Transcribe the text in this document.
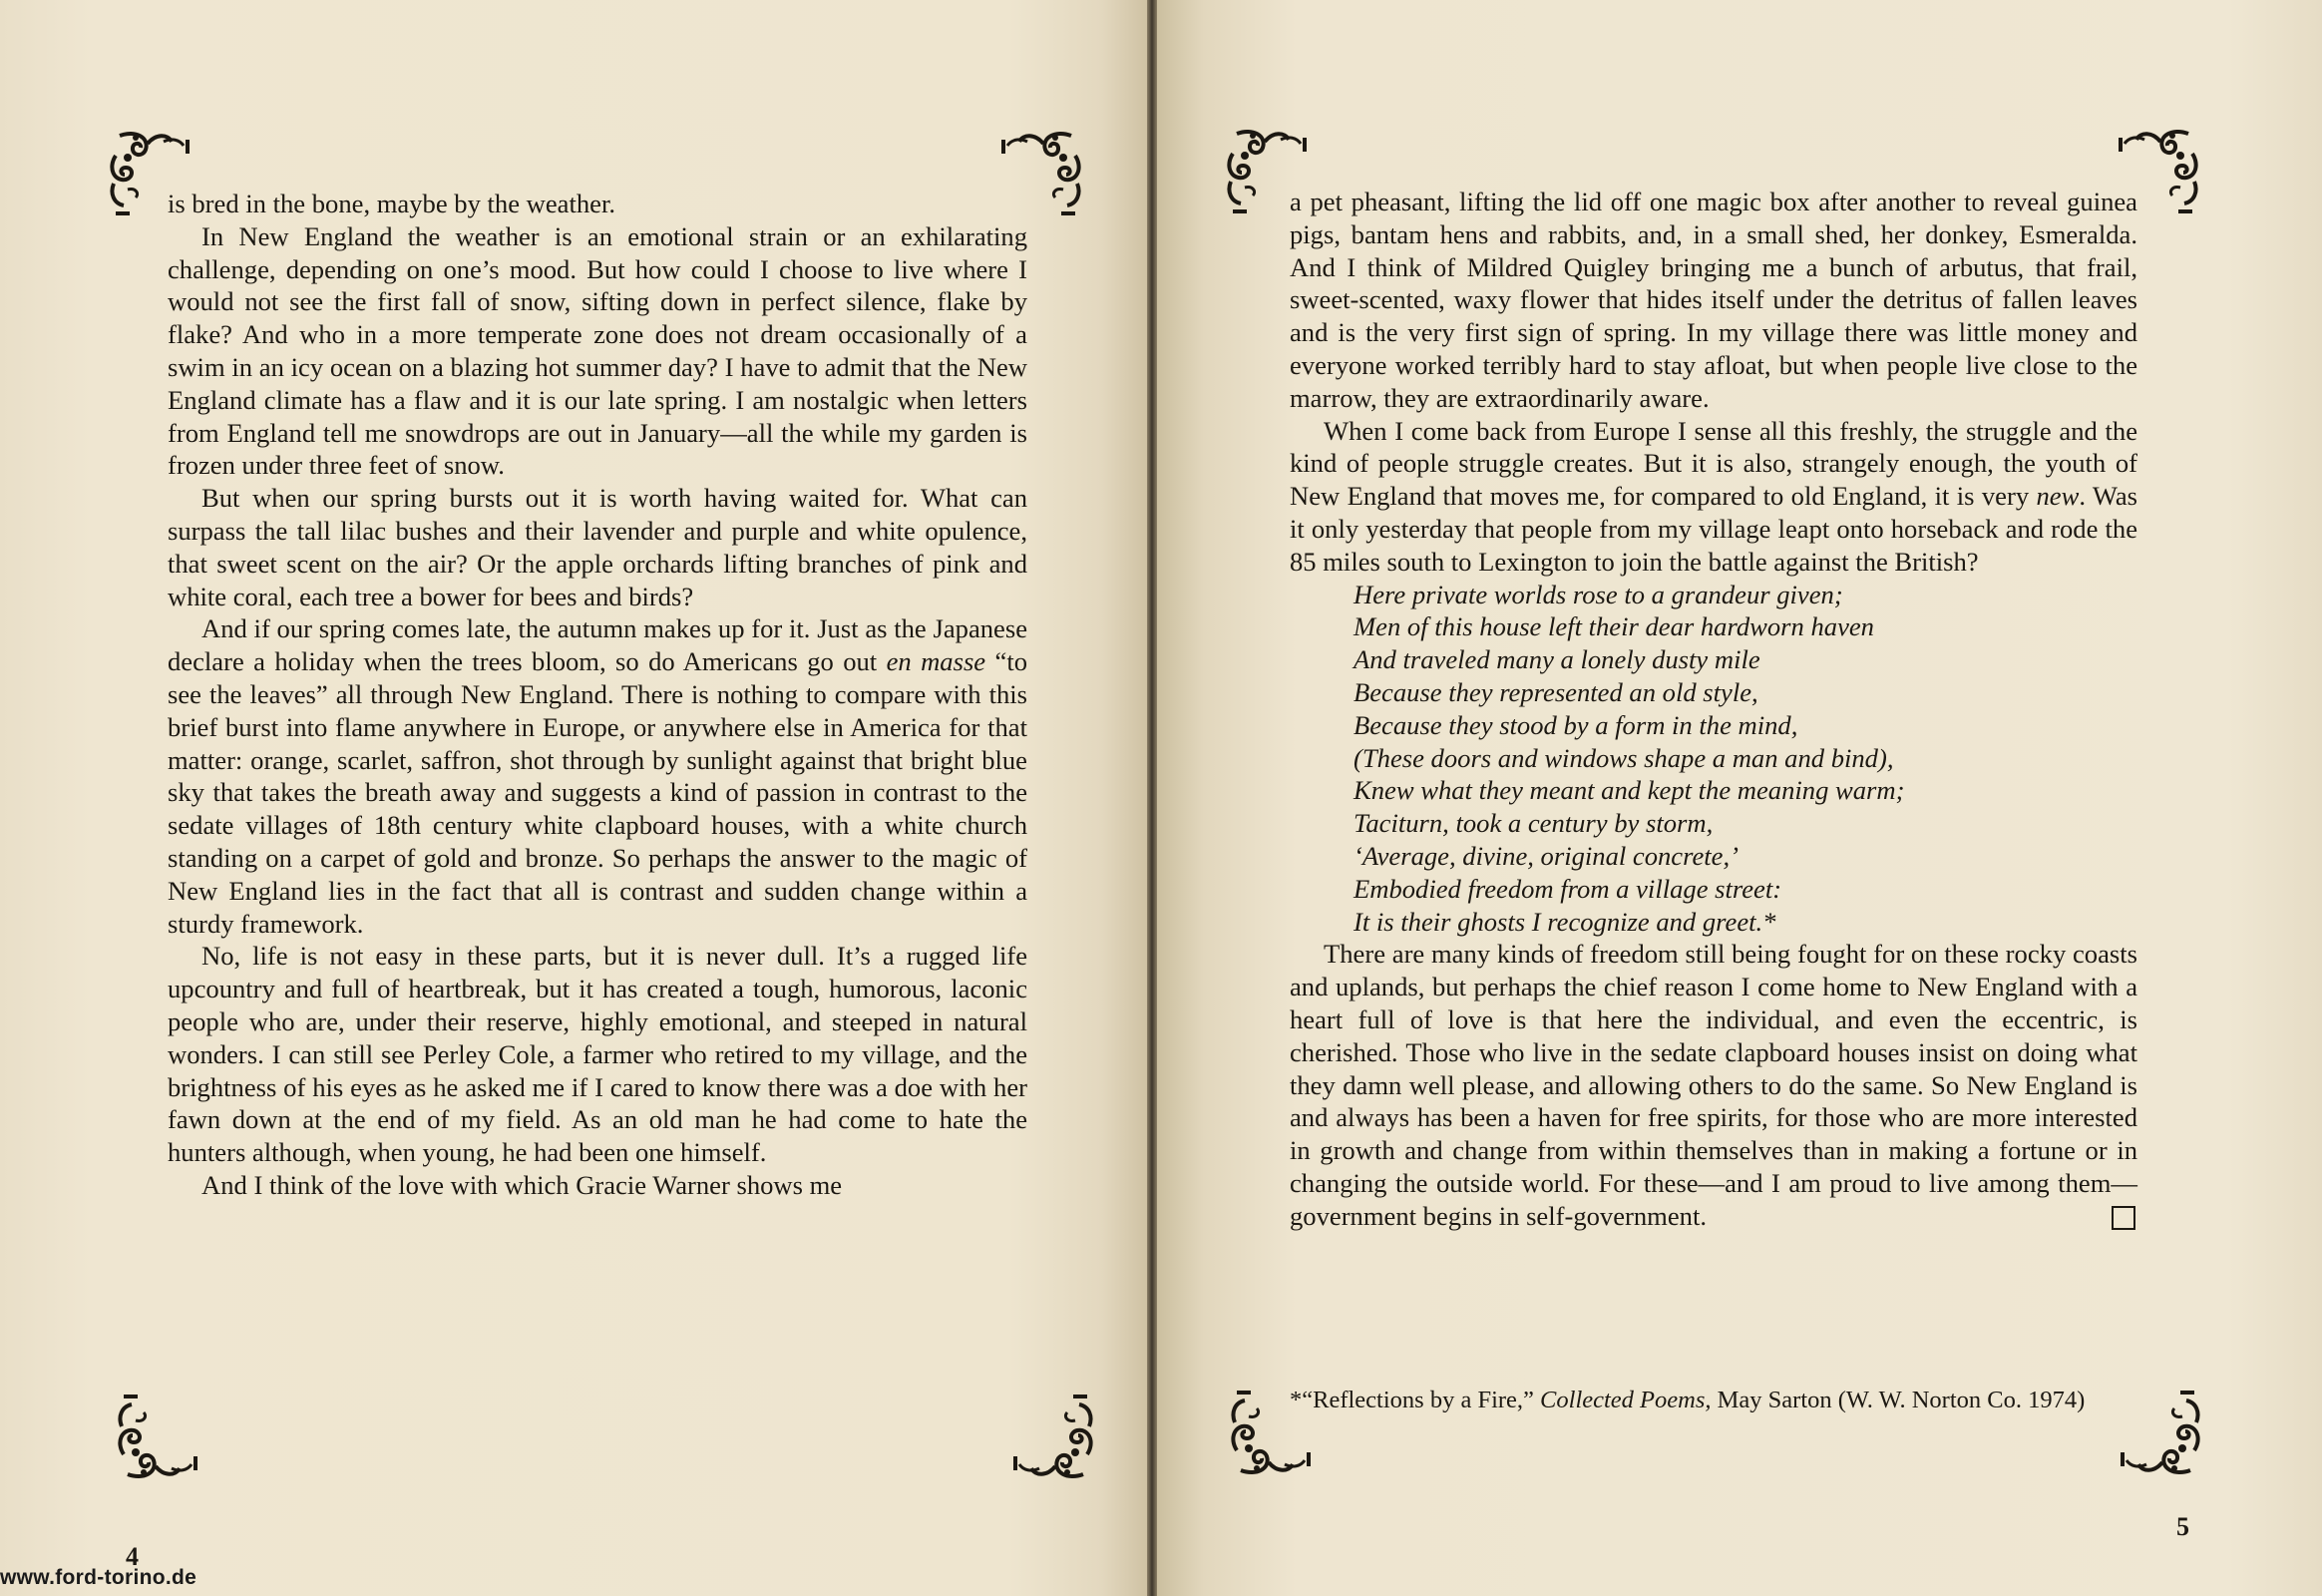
is bred in the bone, maybe by the weather.

In New England the weather is an emotional strain or an exhilarating challenge, depending on one’s mood. But how could I choose to live where I would not see the first fall of snow, sifting down in perfect silence, flake by flake? And who in a more temperate zone does not dream occasionally of a swim in an icy ocean on a blazing hot summer day? I have to admit that the New England climate has a flaw and it is our late spring. I am nostalgic when letters from England tell me snowdrops are out in January—all the while my garden is frozen under three feet of snow.

But when our spring bursts out it is worth having waited for. What can surpass the tall lilac bushes and their lavender and purple and white opulence, that sweet scent on the air? Or the apple orchards lifting branches of pink and white coral, each tree a bower for bees and birds?

And if our spring comes late, the autumn makes up for it. Just as the Japanese declare a holiday when the trees bloom, so do Americans go out en masse “to see the leaves” all through New England. There is nothing to compare with this brief burst into flame anywhere in Europe, or anywhere else in America for that matter: orange, scarlet, saffron, shot through by sunlight against that bright blue sky that takes the breath away and suggests a kind of passion in contrast to the sedate villages of 18th century white clapboard houses, with a white church standing on a carpet of gold and bronze. So perhaps the answer to the magic of New England lies in the fact that all is contrast and sudden change within a sturdy framework.

No, life is not easy in these parts, but it is never dull. It’s a rugged life upcountry and full of heartbreak, but it has created a tough, humorous, laconic people who are, under their reserve, highly emotional, and steeped in natural wonders. I can still see Perley Cole, a farmer who retired to my village, and the brightness of his eyes as he asked me if I cared to know there was a doe with her fawn down at the end of my field. As an old man he had come to hate the hunters although, when young, he had been one himself.

And I think of the love with which Gracie Warner shows me

a pet pheasant, lifting the lid off one magic box after another to reveal guinea pigs, bantam hens and rabbits, and, in a small shed, her donkey, Esmeralda. And I think of Mildred Quigley bringing me a bunch of arbutus, that frail, sweet-scented, waxy flower that hides itself under the detritus of fallen leaves and is the very first sign of spring. In my village there was little money and everyone worked terribly hard to stay afloat, but when people live close to the marrow, they are extraordinarily aware.

When I come back from Europe I sense all this freshly, the struggle and the kind of people struggle creates. But it is also, strangely enough, the youth of New England that moves me, for compared to old England, it is very new. Was it only yesterday that people from my village leapt onto horseback and rode the 85 miles south to Lexington to join the battle against the British?

Here private worlds rose to a grandeur given;
Men of this house left their dear hardworn haven
And traveled many a lonely dusty mile
Because they represented an old style,
Because they stood by a form in the mind,
(These doors and windows shape a man and bind),
Knew what they meant and kept the meaning warm;
Taciturn, took a century by storm,
‘Average, divine, original concrete,’
Embodied freedom from a village street:
It is their ghosts I recognize and greet.*

There are many kinds of freedom still being fought for on these rocky coasts and uplands, but perhaps the chief reason I come home to New England with a heart full of love is that here the individual, and even the eccentric, is cherished. Those who live in the sedate clapboard houses insist on doing what they damn well please, and allowing others to do the same. So New England is and always has been a haven for free spirits, for those who are more interested in growth and change from within themselves than in making a fortune or in changing the outside world. For these—and I am proud to live among them—government begins in self-government.

*“Reflections by a Fire,” Collected Poems, May Sarton (W. W. Norton Co. 1974)
4
5
www.ford-torino.de
